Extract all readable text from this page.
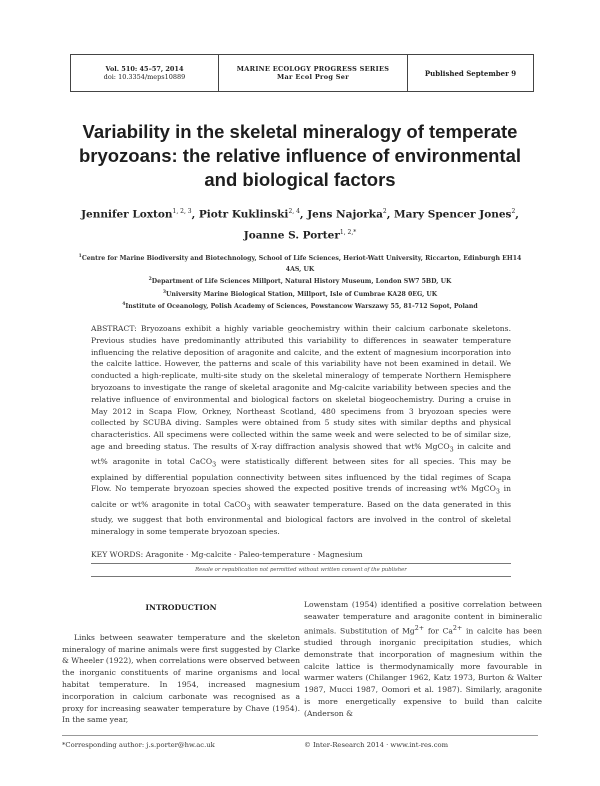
Vol. 510: 45–57, 2014
doi: 10.3354/meps10889
MARINE ECOLOGY PROGRESS SERIES
Mar Ecol Prog Ser	Published September 9
Variability in the skeletal mineralogy of temperate bryozoans: the relative influence of environmental and biological factors
Jennifer Loxton$^{1, 2, 3}$, Piotr Kuklinski$^{2, 4}$, Jens Najorka$^2$, Mary Spencer Jones$^2$,
Joanne S. Porter$^{1, 2,*}$
$^1$Centre for Marine Biodiversity and Biotechnology, School of Life Sciences, Heriot-Watt University, Riccarton, Edinburgh EH14 4AS, UK
$^2$Department of Life Sciences Millport, Natural History Museum, London SW7 5BD, UK
$^3$University Marine Biological Station, Millport, Isle of Cumbrae KA28 0EG, UK
$^4$Institute of Oceanology, Polish Academy of Sciences, Powstancow Warszawy 55, 81-712 Sopot, Poland
ABSTRACT: Bryozoans exhibit a highly variable geochemistry within their calcium carbonate skeletons. Previous studies have predominantly attributed this variability to differences in seawater temperature influencing the relative deposition of aragonite and calcite, and the extent of magnesium incorporation into the calcite lattice. However, the patterns and scale of this variability have not been examined in detail. We conducted a high-replicate, multi-site study on the skeletal mineralogy of temperate Northern Hemisphere bryozoans to investigate the range of skeletal aragonite and Mg-calcite variability between species and the relative influence of environmental and biological factors on skeletal biogeochemistry. During a cruise in May 2012 in Scapa Flow, Orkney, Northeast Scotland, 480 specimens from 3 bryozoan species were collected by SCUBA diving. Samples were obtained from 5 study sites with similar depths and physical characteristics. All specimens were collected within the same week and were selected to be of similar size, age and breeding status. The results of X-ray diffraction analysis showed that wt% MgCO$_3$ in calcite and wt% aragonite in total CaCO$_3$ were statistically different between sites for all species. This may be explained by differential population connectivity between sites influenced by the tidal regimes of Scapa Flow. No temperate bryozoan species showed the expected positive trends of increasing wt% MgCO$_3$ in calcite or wt% aragonite in total CaCO$_3$ with seawater temperature. Based on the data generated in this study, we suggest that both environmental and biological factors are involved in the control of skeletal mineralogy in some temperate bryozoan species.
KEY WORDS: Aragonite · Mg-calcite · Paleo-temperature · Magnesium
Resale or republication not permitted without written consent of the publisher
INTRODUCTION

Links between seawater temperature and the skeleton mineralogy of marine animals were first suggested by Clarke & Wheeler (1922), when correlations were observed between the inorganic constituents of marine organisms and local habitat temperature. In 1954, increased magnesium incorporation in calcium carbonate was recognised as a proxy for increasing seawater temperature by Chave (1954). In the same year,

Lowenstam (1954) identified a positive correlation between seawater temperature and aragonite content in bimineralic animals. Substitution of $Mg^{2+}$ for $Ca^{2+}$ in calcite has been studied through inorganic precipitation studies, which demonstrate that incorporation of magnesium within the calcite lattice is thermodynamically more favourable in warmer waters (Chilanger 1962, Katz 1973, Burton & Walter 1987, Mucci 1987, Oomori et al. 1987). Similarly, aragonite is more energetically expensive to build than calcite (Anderson &

*Corresponding author: j.s.porter@hw.ac.uk	© Inter-Research 2014 · www.int-res.com
